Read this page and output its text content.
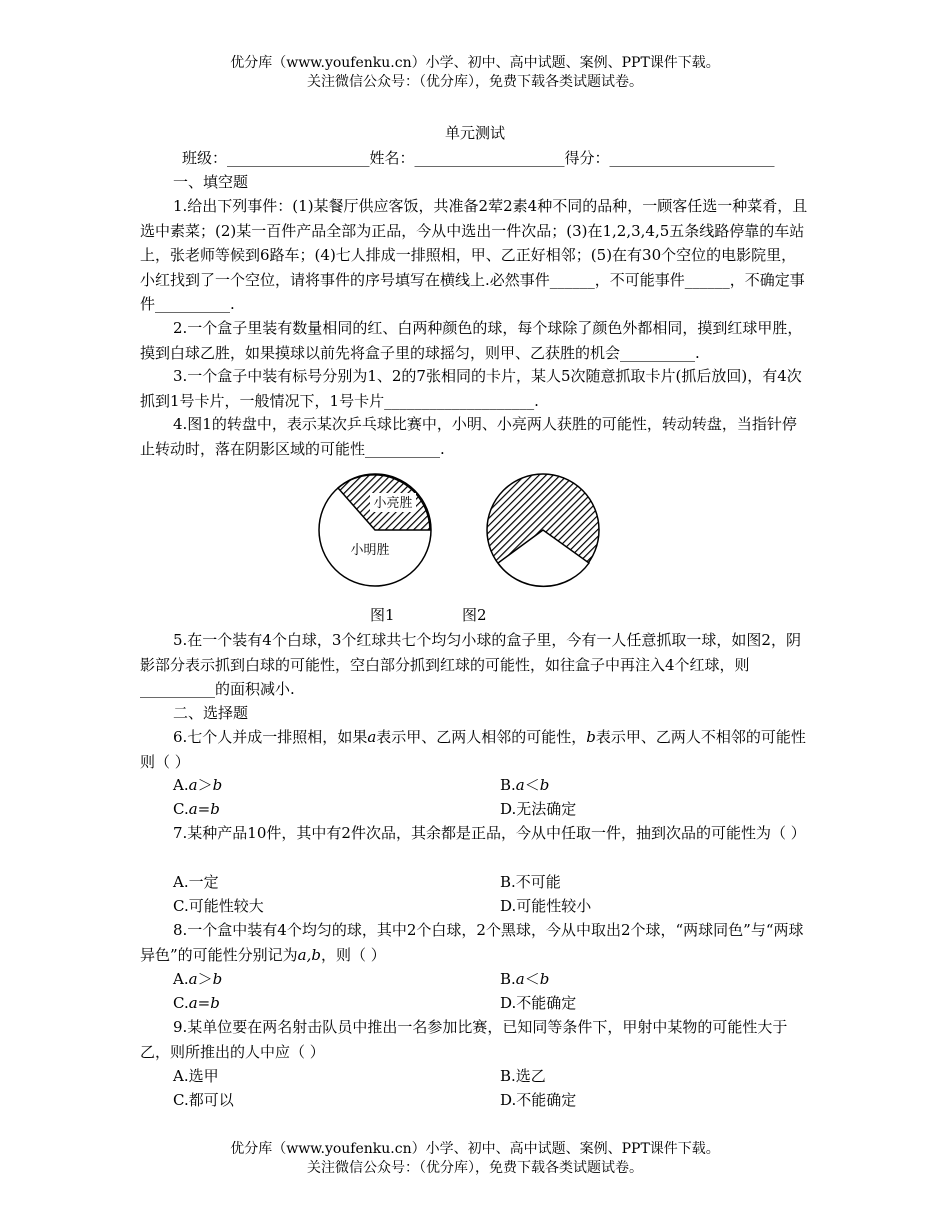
优分库（www.youfenku.cn）小学、初中、高中试题、案例、PPT课件下载。
关注微信公众号：（优分库），免费下载各类试题试卷。
单元测试
班级：___________________姓名：____________________得分：______________________
一、填空题
1.给出下列事件：(1)某餐厅供应客饭，共准备2荤2素4种不同的品种，一顾客任选一种菜肴，且选中素菜；(2)某一百件产品全部为正品，今从中选出一件次品；(3)在1,2,3,4,5五条线路停靠的车站上，张老师等候到6路车；(4)七人排成一排照相，甲、乙正好相邻；(5)在有30个空位的电影院里，小红找到了一个空位，请将事件的序号填写在横线上.必然事件______，不可能事件______，不确定事件__________.
2.一个盒子里装有数量相同的红、白两种颜色的球，每个球除了颜色外都相同，摸到红球甲胜，摸到白球乙胜，如果摸球以前先将盒子里的球摇匀，则甲、乙获胜的机会__________.
3.一个盒子中装有标号分别为1、2的7张相同的卡片，某人5次随意抓取卡片(抓后放回)，有4次抓到1号卡片，一般情况下，1号卡片____________________.
4.图1的转盘中，表示某次乒乓球比赛中，小明、小亮两人获胜的可能性，转动转盘，当指针停止转动时，落在阴影区域的可能性__________.
小亮胜
小明胜
图1	图2
5.在一个装有4个白球，3个红球共七个均匀小球的盒子里，今有一人任意抓取一球，如图2，阴影部分表示抓到白球的可能性，空白部分抓到红球的可能性，如往盒子中再注入4个红球，则__________的面积减小.
二、选择题
6.七个人并成一排照相，如果a表示甲、乙两人相邻的可能性，b表示甲、乙两人不相邻的可能性则（ ）
A.a＞b	B.a＜b
C.a=b	D.无法确定
7.某种产品10件，其中有2件次品，其余都是正品，今从中任取一件，抽到次品的可能性为（ ）
A.一定	B.不可能
C.可能性较大	D.可能性较小
8.一个盒中装有4个均匀的球，其中2个白球，2个黑球，今从中取出2个球，“两球同色”与“两球异色”的可能性分别记为a,b，则（ ）
A.a＞b	B.a＜b
C.a=b	D.不能确定
9.某单位要在两名射击队员中推出一名参加比赛，已知同等条件下，甲射中某物的可能性大于乙，则所推出的人中应（ ）
A.选甲	B.选乙
C.都可以	D.不能确定
优分库（www.youfenku.cn）小学、初中、高中试题、案例、PPT课件下载。
关注微信公众号：（优分库），免费下载各类试题试卷。
